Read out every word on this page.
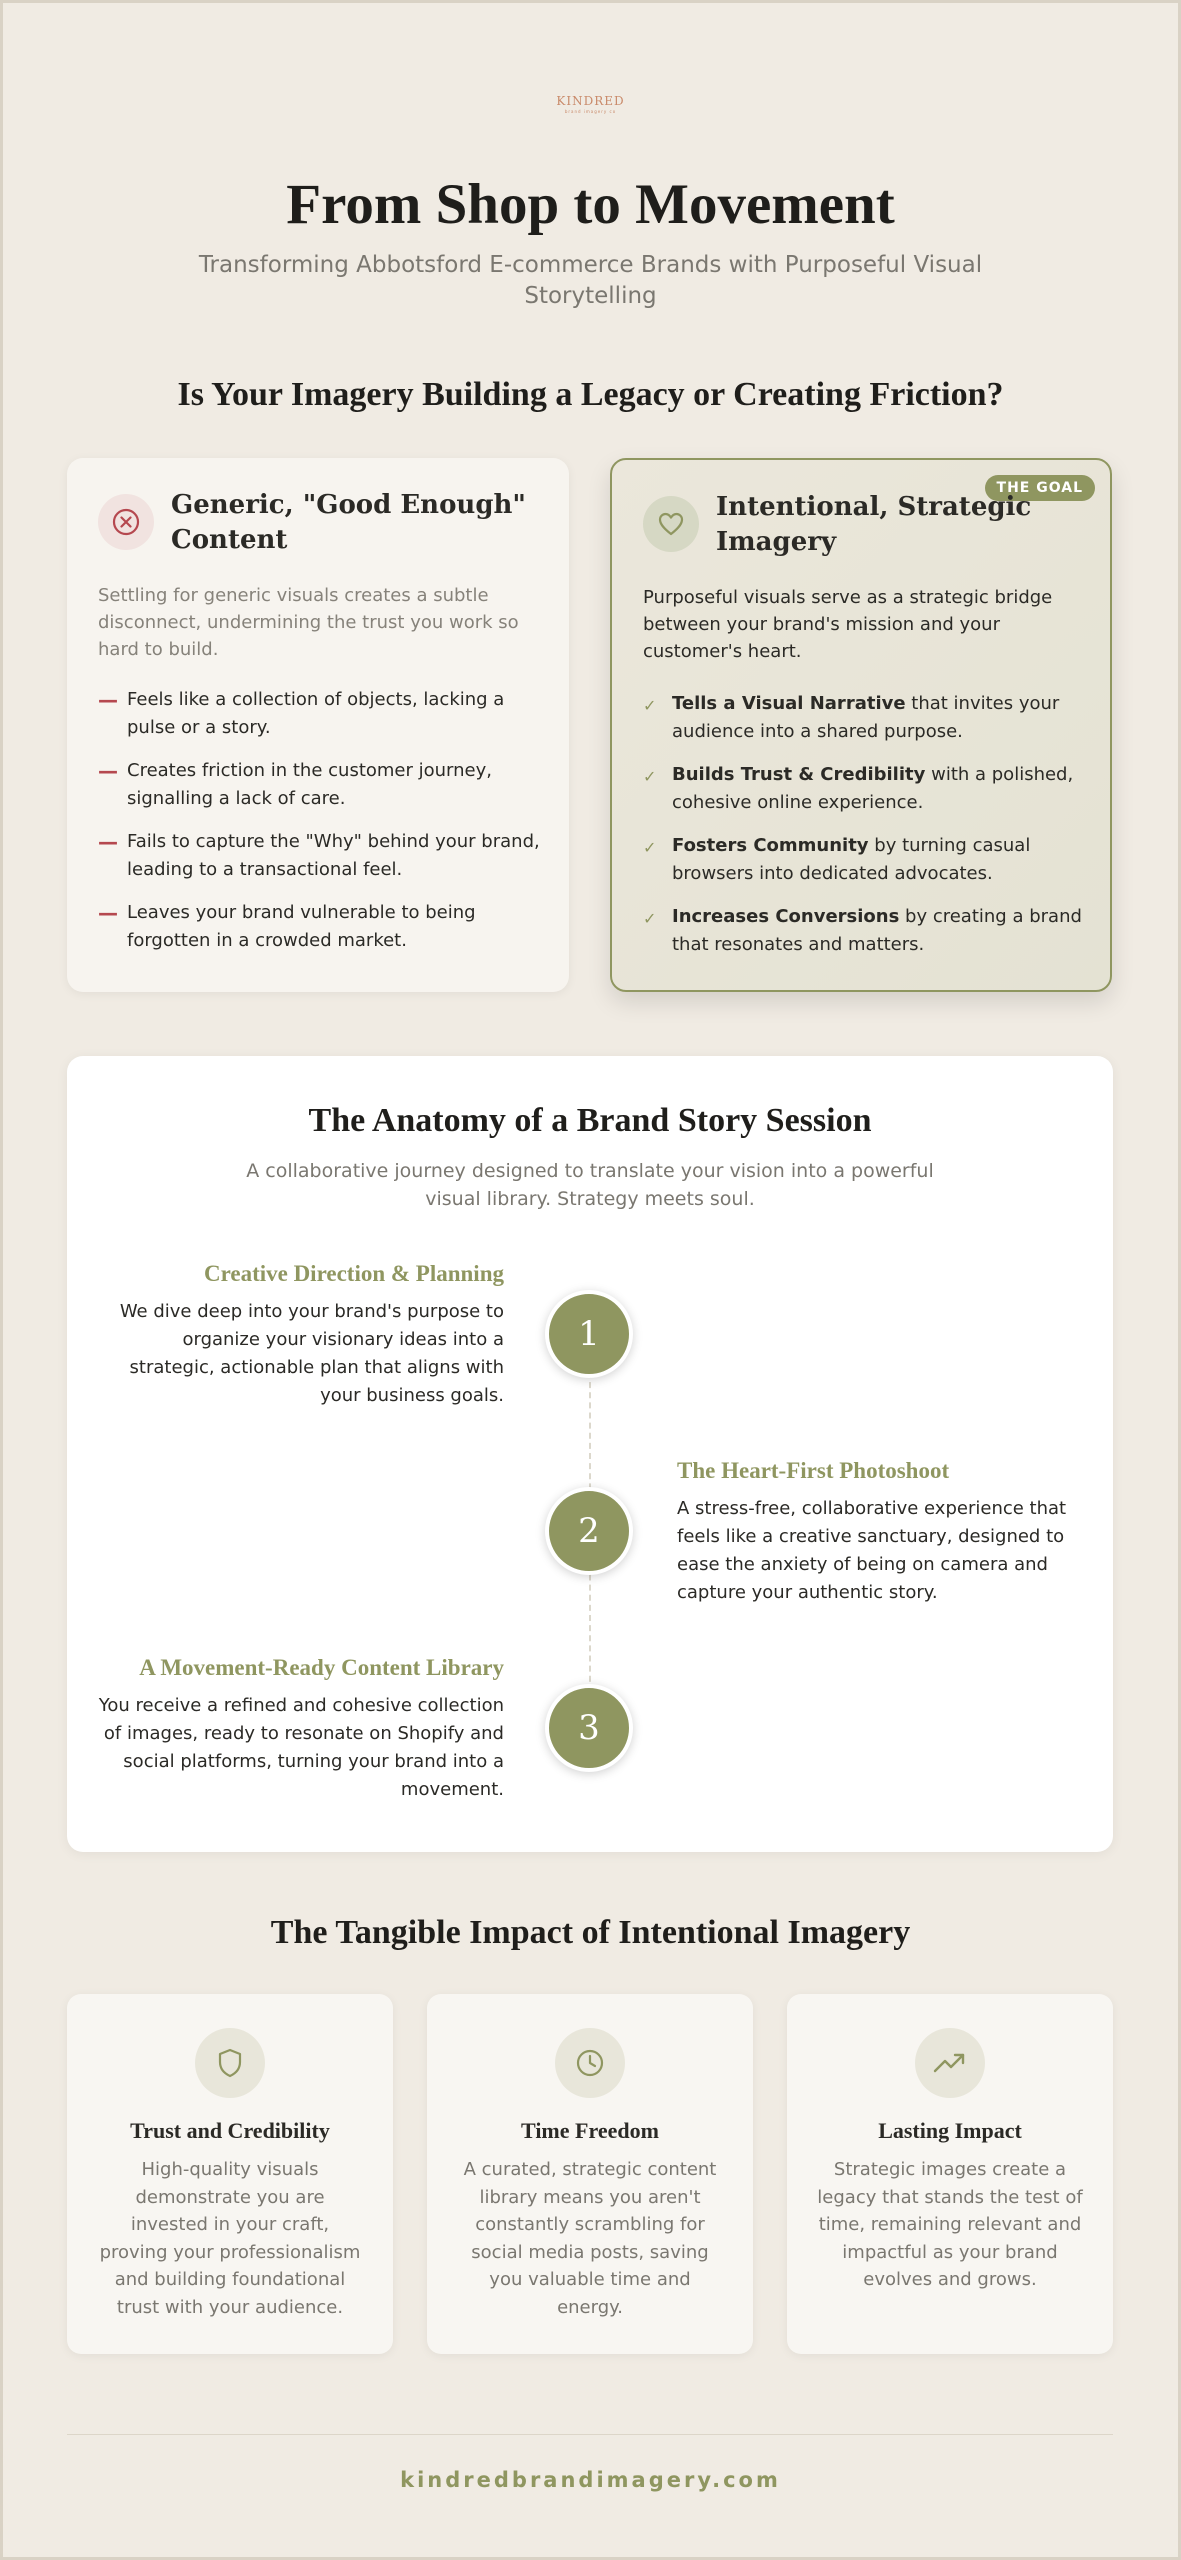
KINDRED
brand imagery co
From Shop to Movement

Transforming Abbotsford E-commerce Brands with Purposeful Visual Storytelling

Is Your Imagery Building a Legacy or Creating Friction?
Generic, "Good Enough" Content

Settling for generic visuals creates a subtle disconnect, undermining the trust you work so hard to build.

— Feels like a collection of objects, lacking a pulse or a story.
— Creates friction in the customer journey, signalling a lack of care.
— Fails to capture the "Why" behind your brand, leading to a transactional feel.
— Leaves your brand vulnerable to being forgotten in a crowded market.
THE GOAL
Intentional, Strategic Imagery

Purposeful visuals serve as a strategic bridge between your brand's mission and your customer's heart.

✓ Tells a Visual Narrative that invites your audience into a shared purpose.
✓ Builds Trust & Credibility with a polished, cohesive online experience.
✓ Fosters Community by turning casual browsers into dedicated advocates.
✓ Increases Conversions by creating a brand that resonates and matters.
The Anatomy of a Brand Story Session

A collaborative journey designed to translate your vision into a powerful visual library. Strategy meets soul.

Creative Direction & Planning

We dive deep into your brand's purpose to organize your visionary ideas into a strategic, actionable plan that aligns with your business goals.

1
The Heart-First Photoshoot

A stress-free, collaborative experience that feels like a creative sanctuary, designed to ease the anxiety of being on camera and capture your authentic story.

2
A Movement-Ready Content Library

You receive a refined and cohesive collection of images, ready to resonate on Shopify and social platforms, turning your brand into a movement.

3
The Tangible Impact of Intentional Imagery
Trust and Credibility

High-quality visuals demonstrate you are invested in your craft, proving your professionalism and building foundational trust with your audience.

Time Freedom

A curated, strategic content library means you aren't constantly scrambling for social media posts, saving you valuable time and energy.

Lasting Impact

Strategic images create a legacy that stands the test of time, remaining relevant and impactful as your brand evolves and grows.

kindredbrandimagery.com
